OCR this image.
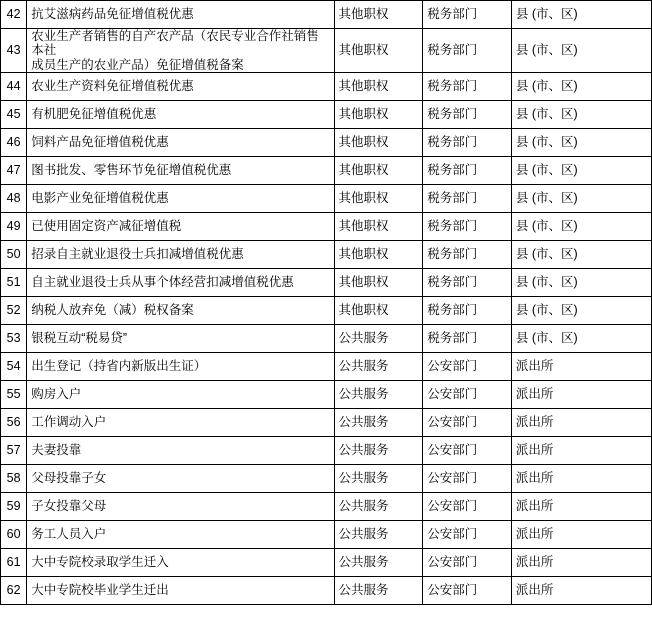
42	抗艾滋病药品免征增值税优惠	其他职权	税务部门	县 (市、区)
43	农业生产者销售的自产农产品（农民专业合作社销售本社
成员生产的农业产品）免征增值税备案	其他职权	税务部门	县 (市、区)
44	农业生产资料免征增值税优惠	其他职权	税务部门	县 (市、区)
45	有机肥免征增值税优惠	其他职权	税务部门	县 (市、区)
46	饲料产品免征增值税优惠	其他职权	税务部门	县 (市、区)
47	图书批发、零售环节免征增值税优惠	其他职权	税务部门	县 (市、区)
48	电影产业免征增值税优惠	其他职权	税务部门	县 (市、区)
49	已使用固定资产减征增值税	其他职权	税务部门	县 (市、区)
50	招录自主就业退役士兵扣减增值税优惠	其他职权	税务部门	县 (市、区)
51	自主就业退役士兵从事个体经营扣减增值税优惠	其他职权	税务部门	县 (市、区)
52	纳税人放弃免（减）税权备案	其他职权	税务部门	县 (市、区)
53	银税互动“税易贷”	公共服务	税务部门	县 (市、区)
54	出生登记（持省内新版出生证）	公共服务	公安部门	派出所
55	购房入户	公共服务	公安部门	派出所
56	工作调动入户	公共服务	公安部门	派出所
57	夫妻投靠	公共服务	公安部门	派出所
58	父母投靠子女	公共服务	公安部门	派出所
59	子女投靠父母	公共服务	公安部门	派出所
60	务工人员入户	公共服务	公安部门	派出所
61	大中专院校录取学生迁入	公共服务	公安部门	派出所
62	大中专院校毕业学生迁出	公共服务	公安部门	派出所
